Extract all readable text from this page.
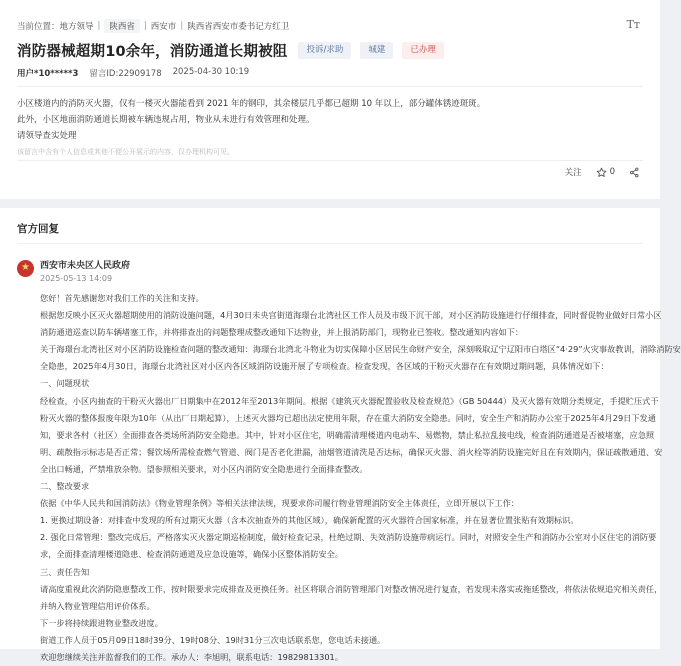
当前位置： 地方领导 |	陕西省	| 西安市 | 陕西省西安市委书记方红卫	Tт
消防器械超期10余年，消防通道长期被阻	投诉/求助	城建	已办理
用户*10*****3 留言ID:22909178 2025-04-30 10:19

小区楼道内的消防灭火器，仅有一楼灭火器能看到 2021 年的钢印，其余楼层几乎都已超期 10 年以上，部分罐体锈迹斑斑。

此外，小区地面消防通道长期被车辆违规占用，物业从未进行有效管理和处理。

请领导查实处理

该留言中含有个人信息或其他不便公开展示的内容，仅办理机构可见。
关注	0
官方回复
★
西安市未央区人民政府
2025-05-13 14:09

您好！首先感谢您对我们工作的关注和支持。

根据您反映小区灭火器超期使用的消防设施问题，4月30日未央宫街道海璟台北湾社区工作人员及市级下沉干部，对小区消防设施进行仔细排查，同时督促物业做好日常小区

消防通道巡查以防车辆堵塞工作，并将排查出的问题整理成整改通知下达物业，并上报消防部门，现物业已签收。整改通知内容如下：

关于海璟台北湾社区对小区消防设施检查问题的整改通知：海璟台北湾北斗物业为切实保障小区居民生命财产安全，深刻吸取辽宁辽阳市白塔区“4·29”火灾事故教训，消除消防安

全隐患，2025年4月30日，海璟台北湾社区对小区内各区域消防设施开展了专项检查。检查发现，各区域的干粉灭火器存在有效期过期问题，具体情况如下：

一、问题现状

经检查，小区内抽查的干粉灭火器出厂日期集中在2012年至2013年期间。根据《建筑灭火器配置验收及检查规范》（GB 50444）及灭火器有效期分类规定，手提贮压式干

粉灭火器的整体报废年限为10年（从出厂日期起算），上述灭火器均已超出法定使用年限，存在重大消防安全隐患。同时，安全生产和消防办公室于2025年4月29日下发通

知，要求各村（社区）全面排查各类场所消防安全隐患。其中，针对小区住宅，明确需清理楼道内电动车、易燃物，禁止私拉乱接电线，检查消防通道是否被堵塞，应急照

明、疏散指示标志是否正常；餐饮场所需检查燃气管道、阀门是否老化泄漏，油烟管道清洗是否达标，确保灭火器、消火栓等消防设施完好且在有效期内，保证疏散通道、安

全出口畅通，严禁堆放杂物。望参照相关要求，对小区内消防安全隐患进行全面排查整改。

二、整改要求

依据《中华人民共和国消防法》《物业管理条例》等相关法律法规，现要求你司履行物业管理消防安全主体责任，立即开展以下工作：

1. 更换过期设备：对排查中发现的所有过期灭火器（含本次抽查外的其他区域），确保新配置的灭火器符合国家标准，并在显著位置张贴有效期标识。

2. 强化日常管理：整改完成后，严格落实灭火器定期巡检制度，做好检查记录，杜绝过期、失效消防设施带病运行。同时，对照安全生产和消防办公室对小区住宅的消防要

求，全面排查清理楼道隐患、检查消防通道及应急设施等，确保小区整体消防安全。

三、责任告知

请高度重视此次消防隐患整改工作，按时限要求完成排查及更换任务。社区将联合消防管理部门对整改情况进行复查，若发现未落实或拖延整改，将依法依规追究相关责任，

并纳入物业管理信用评价体系。

下一步将持续跟进物业整改进度。

街道工作人员于05月09日18时39分、19时08分、19时31分三次电话联系您，您电话未接通。

欢迎您继续关注并监督我们的工作。承办人：李旭明，联系电话：19829813301。
